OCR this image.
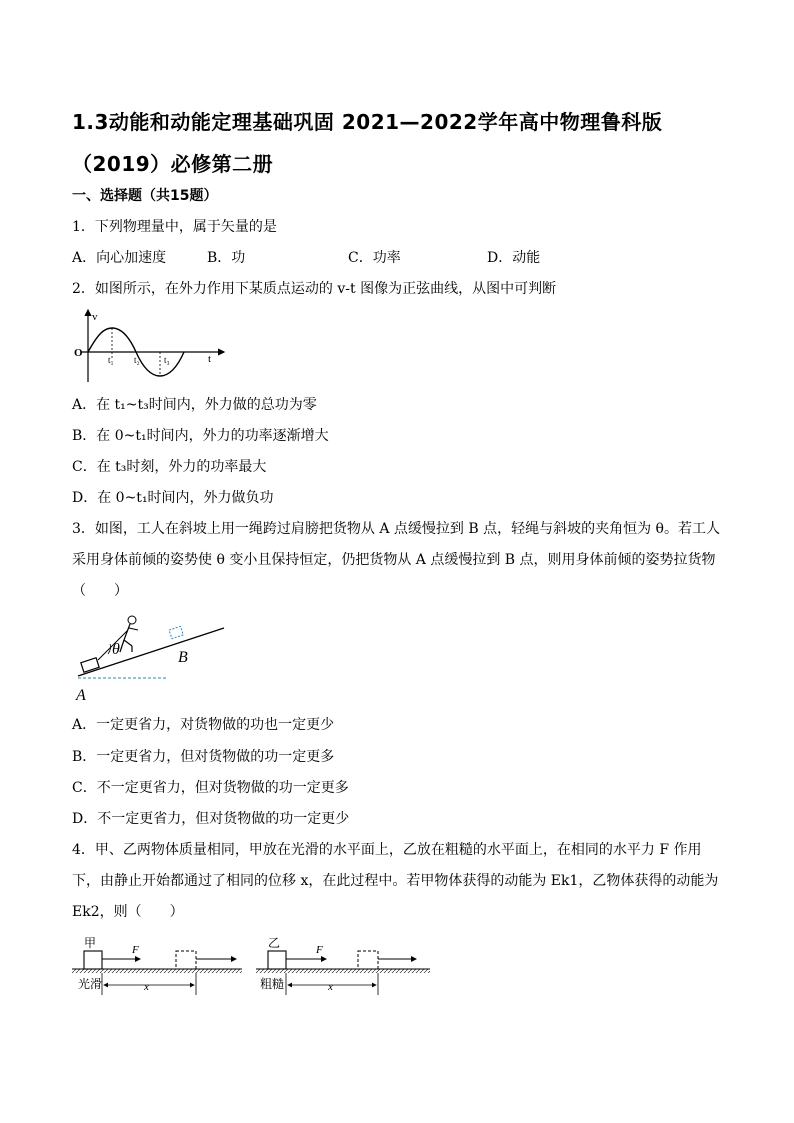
1.3动能和动能定理基础巩固 2021—2022学年高中物理鲁科版
（2019）必修第二册
一、选择题（共15题）
1．下列物理量中，属于矢量的是
A．向心加速度	B．功	C．功率	D．动能
2．如图所示，在外力作用下某质点运动的 v-t 图像为正弦曲线，从图中可判断
v
O	t
t₁ t₂	t₃
A．在 t₁~t₃时间内，外力做的总功为零
B．在 0~t₁时间内，外力的功率逐渐增大
C．在 t₃时刻，外力的功率最大
D．在 0~t₁时间内，外力做负功
3．如图，工人在斜坡上用一绳跨过肩膀把货物从 A 点缓慢拉到 B 点，轻绳与斜坡的夹角恒为 θ。若工人
采用身体前倾的姿势使 θ 变小且保持恒定，仍把货物从 A 点缓慢拉到 B 点，则用身体前倾的姿势拉货物
（　　）
θ	B
A
A．一定更省力，对货物做的功也一定更少
B．一定更省力，但对货物做的功一定更多
C．不一定更省力，但对货物做的功一定更多
D．不一定更省力，但对货物做的功一定更少
4．甲、乙两物体质量相同，甲放在光滑的水平面上，乙放在粗糙的水平面上，在相同的水平力 F 作用
下，由静止开始都通过了相同的位移 x，在此过程中。若甲物体获得的动能为 Ek1，乙物体获得的动能为
Ek2，则（　　）
甲	F
光滑	x
乙	F
粗糙	x
